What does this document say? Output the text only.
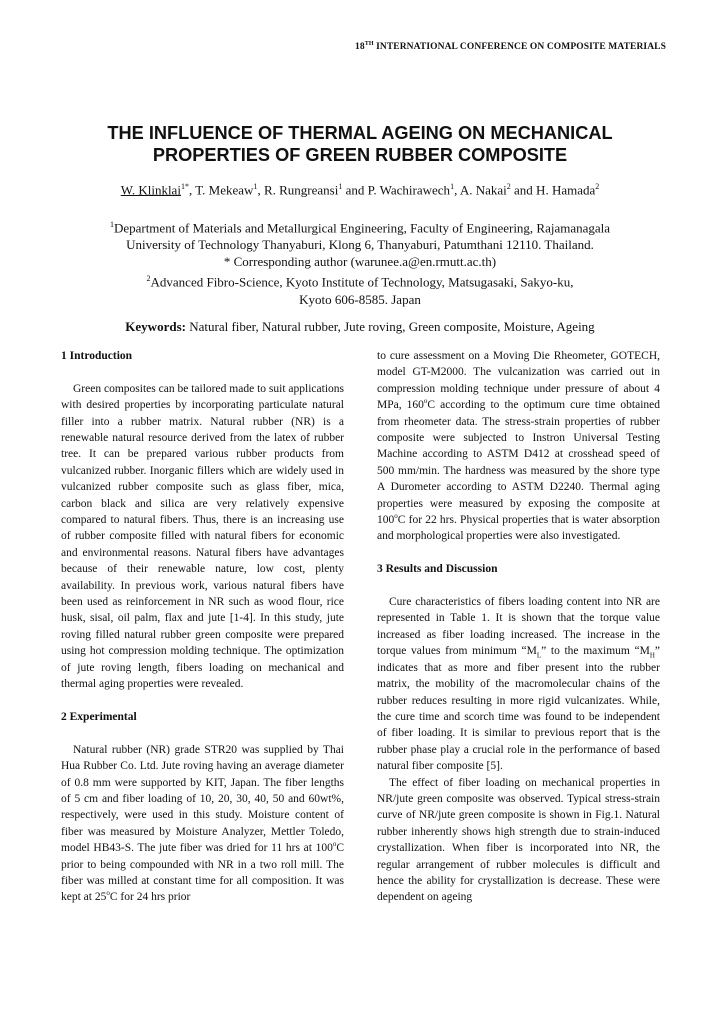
18TH INTERNATIONAL CONFERENCE ON COMPOSITE MATERIALS
THE INFLUENCE OF THERMAL AGEING ON MECHANICAL
PROPERTIES OF GREEN RUBBER COMPOSITE
W. Klinklai$^{1*}$, T. Mekeaw$^1$, R. Rungreansi$^1$ and P. Wachirawech$^1$, A. Nakai$^2$ and H. Hamada$^2$
$^1$Department of Materials and Metallurgical Engineering, Faculty of Engineering, Rajamanagala
University of Technology Thanyaburi, Klong 6, Thanyaburi, Patumthani 12110. Thailand.
* Corresponding author (warunee.a@en.rmutt.ac.th)
$^2$Advanced Fibro-Science, Kyoto Institute of Technology, Matsugasaki, Sakyo-ku,
Kyoto 606-8585. Japan
Keywords: Natural fiber, Natural rubber, Jute roving, Green composite, Moisture, Ageing

1 Introduction

Green composites can be tailored made to suit applications with desired properties by incorporating particulate natural filler into a rubber matrix. Natural rubber (NR) is a renewable natural resource derived from the latex of rubber tree. It can be prepared various rubber products from vulcanized rubber. Inorganic fillers which are widely used in vulcanized rubber composite such as glass fiber, mica, carbon black and silica are very relatively expensive compared to natural fibers. Thus, there is an increasing use of rubber composite filled with natural fibers for economic and environmental reasons. Natural fibers have advantages because of their renewable nature, low cost, plenty availability. In previous work, various natural fibers have been used as reinforcement in NR such as wood flour, rice husk, sisal, oil palm, flax and jute [1-4]. In this study, jute roving filled natural rubber green composite were prepared using hot compression molding technique. The optimization of jute roving length, fibers loading on mechanical and thermal aging properties were revealed.

2 Experimental

Natural rubber (NR) grade STR20 was supplied by Thai Hua Rubber Co. Ltd. Jute roving having an average diameter of 0.8 mm were supported by KIT, Japan. The fiber lengths of 5 cm and fiber loading of 10, 20, 30, 40, 50 and 60wt%, respectively, were used in this study. Moisture content of fiber was measured by Moisture Analyzer, Mettler Toledo, model HB43-S. The jute fiber was dried for 11 hrs at 100$^o$C prior to being compounded with NR in a two roll mill. The fiber was milled at constant time for all composition. It was kept at 25$^o$C for 24 hrs prior

to cure assessment on a Moving Die Rheometer, GOTECH, model GT-M2000. The vulcanization was carried out in compression molding technique under pressure of about 4 MPa, 160$^o$C according to the optimum cure time obtained from rheometer data. The stress-strain properties of rubber composite were subjected to Instron Universal Testing Machine according to ASTM D412 at crosshead speed of 500 mm/min. The hardness was measured by the shore type A Durometer according to ASTM D2240. Thermal aging properties were measured by exposing the composite at 100$^o$C for 22 hrs. Physical properties that is water absorption and morphological properties were also investigated.

3 Results and Discussion

Cure characteristics of fibers loading content into NR are represented in Table 1. It is shown that the torque value increased as fiber loading increased. The increase in the torque values from minimum “$M_L$” to the maximum “$M_H$” indicates that as more and fiber present into the rubber matrix, the mobility of the macromolecular chains of the rubber reduces resulting in more rigid vulcanizates. While, the cure time and scorch time was found to be independent of fiber loading. It is similar to previous report that is the rubber phase play a crucial role in the performance of based natural fiber composite [5].

The effect of fiber loading on mechanical properties in NR/jute green composite was observed. Typical stress-strain curve of NR/jute green composite is shown in Fig.1. Natural rubber inherently shows high strength due to strain-induced crystallization. When fiber is incorporated into NR, the regular arrangement of rubber molecules is difficult and hence the ability for crystallization is decrease. These were dependent on ageing
